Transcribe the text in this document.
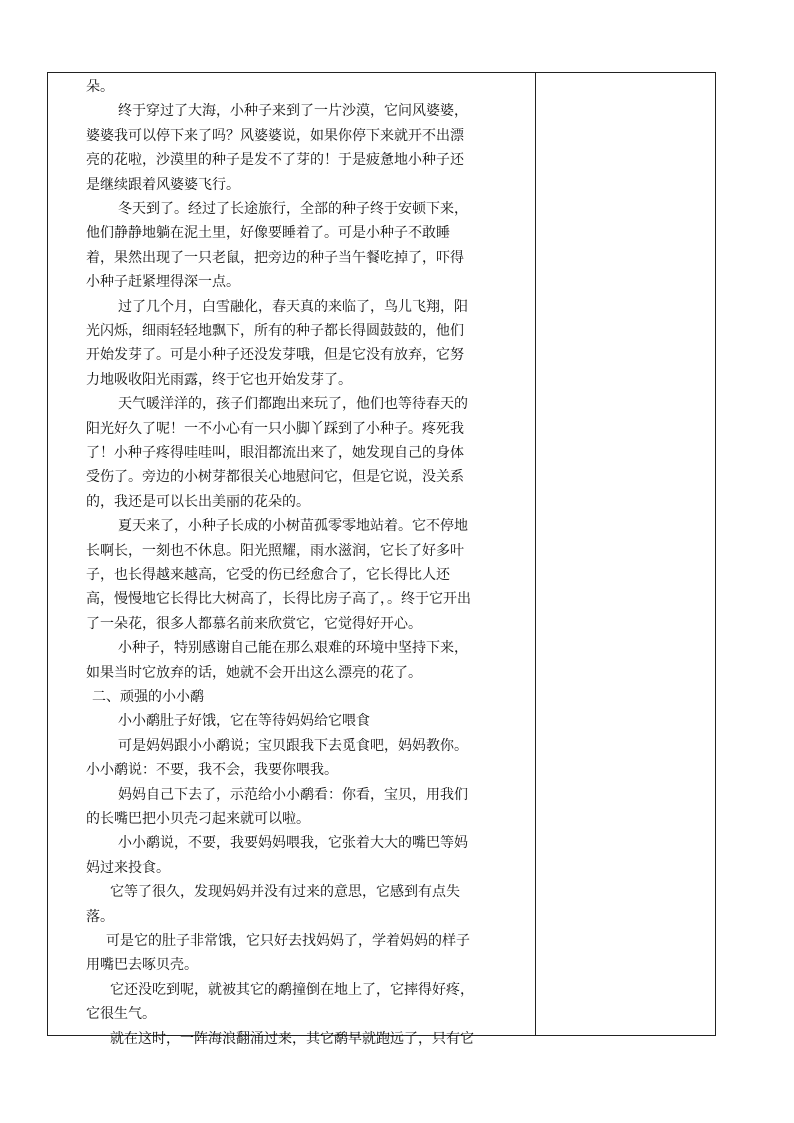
朵。
终于穿过了大海，小种子来到了一片沙漠，它问风婆婆，
婆婆我可以停下来了吗？风婆婆说，如果你停下来就开不出漂
亮的花啦，沙漠里的种子是发不了芽的！于是疲惫地小种子还
是继续跟着风婆婆飞行。
冬天到了。经过了长途旅行，全部的种子终于安顿下来，
他们静静地躺在泥土里，好像要睡着了。可是小种子不敢睡
着，果然出现了一只老鼠，把旁边的种子当午餐吃掉了，吓得
小种子赶紧埋得深一点。
过了几个月，白雪融化，春天真的来临了，鸟儿飞翔，阳
光闪烁，细雨轻轻地飘下，所有的种子都长得圆鼓鼓的，他们
开始发芽了。可是小种子还没发芽哦，但是它没有放弃，它努
力地吸收阳光雨露，终于它也开始发芽了。
天气暖洋洋的，孩子们都跑出来玩了，他们也等待春天的
阳光好久了呢！一不小心有一只小脚丫踩到了小种子。疼死我
了！小种子疼得哇哇叫，眼泪都流出来了，她发现自己的身体
受伤了。旁边的小树芽都很关心地慰问它，但是它说，没关系
的，我还是可以长出美丽的花朵的。
夏天来了，小种子长成的小树苗孤零零地站着。它不停地
长啊长，一刻也不休息。阳光照耀，雨水滋润，它长了好多叶
子，也长得越来越高，它受的伤已经愈合了，它长得比人还
高，慢慢地它长得比大树高了，长得比房子高了，。终于它开出
了一朵花，很多人都慕名前来欣赏它，它觉得好开心。
小种子，特别感谢自己能在那么艰难的环境中坚持下来，
如果当时它放弃的话，她就不会开出这么漂亮的花了。
二、顽强的小小鹬
小小鹬肚子好饿，它在等待妈妈给它喂食
可是妈妈跟小小鹬说；宝贝跟我下去觅食吧，妈妈教你。
小小鹬说：不要，我不会，我要你喂我。
妈妈自己下去了，示范给小小鹬看：你看，宝贝，用我们
的长嘴巴把小贝壳刁起来就可以啦。
小小鹬说，不要，我要妈妈喂我，它张着大大的嘴巴等妈
妈过来投食。
它等了很久，发现妈妈并没有过来的意思，它感到有点失
落。
可是它的肚子非常饿，它只好去找妈妈了，学着妈妈的样子
用嘴巴去啄贝壳。
它还没吃到呢，就被其它的鹬撞倒在地上了，它摔得好疼，
它很生气。
就在这时，一阵海浪翻涌过来，其它鹬早就跑远了，只有它
